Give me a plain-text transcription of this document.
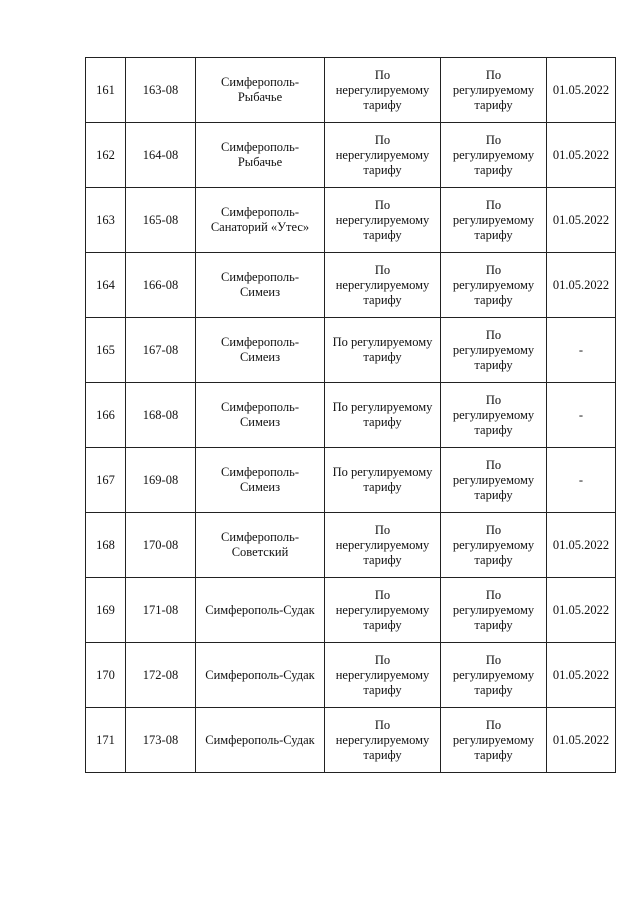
161	163-08	Симферополь-
Рыбачье	По
нерегулируемому
тарифу	По
регулируемому
тарифу	01.05.2022
162	164-08	Симферополь-
Рыбачье	По
нерегулируемому
тарифу	По
регулируемому
тарифу	01.05.2022
163	165-08	Симферополь-
Санаторий «Утес»	По
нерегулируемому
тарифу	По
регулируемому
тарифу	01.05.2022
164	166-08	Симферополь-
Симеиз	По
нерегулируемому
тарифу	По
регулируемому
тарифу	01.05.2022
165	167-08	Симферополь-
Симеиз	По регулируемому
тарифу	По
регулируемому
тарифу	-
166	168-08	Симферополь-
Симеиз	По регулируемому
тарифу	По
регулируемому
тарифу	-
167	169-08	Симферополь-
Симеиз	По регулируемому
тарифу	По
регулируемому
тарифу	-
168	170-08	Симферополь-
Советский	По
нерегулируемому
тарифу	По
регулируемому
тарифу	01.05.2022
169	171-08	Симферополь-Судак	По
нерегулируемому
тарифу	По
регулируемому
тарифу	01.05.2022
170	172-08	Симферополь-Судак	По
нерегулируемому
тарифу	По
регулируемому
тарифу	01.05.2022
171	173-08	Симферополь-Судак	По
нерегулируемому
тарифу	По
регулируемому
тарифу	01.05.2022
